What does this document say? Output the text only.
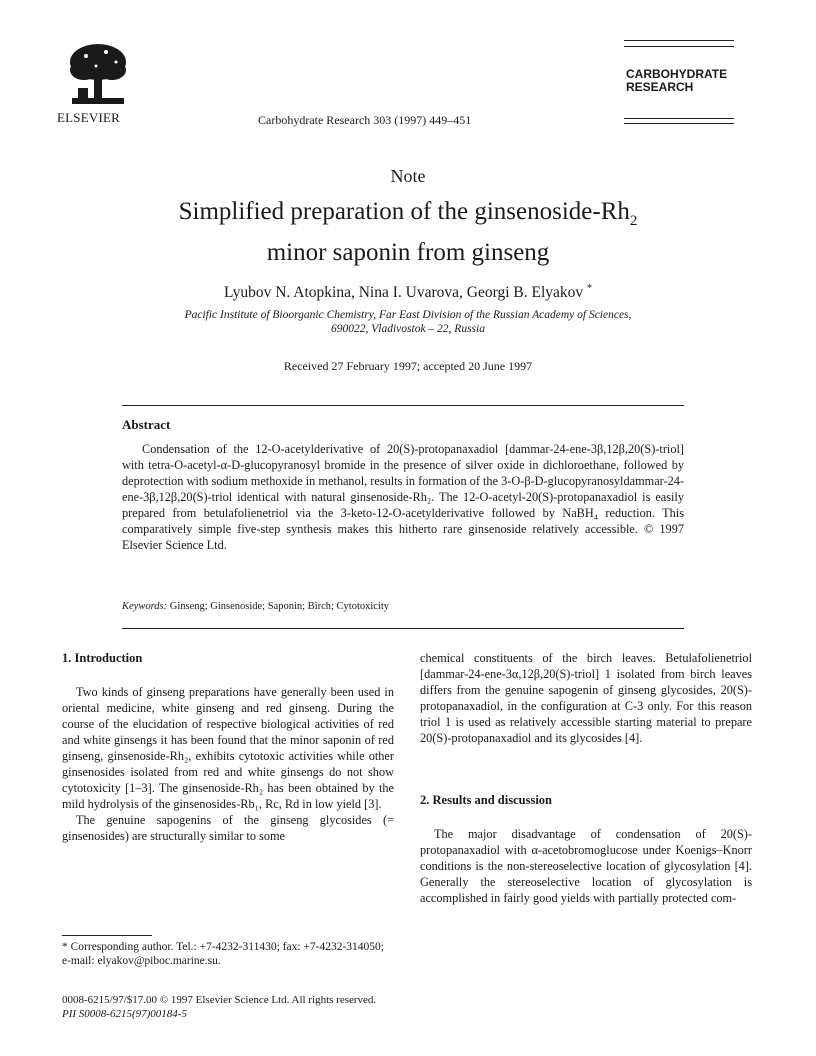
ELSEVIER	Carbohydrate Research 303 (1997) 449–451
CARBOHYDRATE
RESEARCH
Note
Simplified preparation of the ginsenoside-$Rh_2$
minor saponin from ginseng
Lyubov N. Atopkina, Nina I. Uvarova, Georgi B. Elyakov *
Pacific Institute of Bioorganic Chemistry, Far East Division of the Russian Academy of Sciences,
690022, Vladivostok – 22, Russia
Received 27 February 1997; accepted 20 June 1997
Abstract

Condensation of the 12-O-acetylderivative of 20(S)-protopanaxadiol [dammar-24-ene-3β,12β,20(S)-triol] with tetra-O-acetyl-α-D-glucopyranosyl bromide in the presence of silver oxide in dichloroethane, followed by deprotection with sodium methoxide in methanol, results in formation of the 3-O-β-D-glucopyranosyldammar-24-ene-3β,12β,20(S)-triol identical with natural ginsenoside-Rh₂. The 12-O-acetyl-20(S)-protopanaxadiol is easily prepared from betulafolienetriol via the 3-keto-12-O-acetylderivative followed by NaBH₄ reduction. This comparatively simple five-step synthesis makes this hitherto rare ginsenoside relatively accessible. © 1997 Elsevier Science Ltd.

Keywords: Ginseng; Ginsenoside; Saponin; Birch; Cytotoxicity
1. Introduction

Two kinds of ginseng preparations have generally been used in oriental medicine, white ginseng and red ginseng. During the course of the elucidation of respective biological activities of red and white ginsengs it has been found that the minor saponin of red ginseng, ginsenoside-Rh₂, exhibits cytotoxic activities while other ginsenosides isolated from red and white ginsengs do not show cytotoxicity [1–3]. The ginsenoside-Rh₂ has been obtained by the mild hydrolysis of the ginsenosides-Rb₁, Rc, Rd in low yield [3].

The genuine sapogenins of the ginseng glycosides (= ginsenosides) are structurally similar to some

chemical constituents of the birch leaves. Betulafolienetriol [dammar-24-ene-3α,12β,20(S)-triol] 1 isolated from birch leaves differs from the genuine sapogenin of ginseng glycosides, 20(S)-protopanaxadiol, in the configuration at C-3 only. For this reason triol 1 is used as relatively accessible starting material to prepare 20(S)-protopanaxadiol and its glycosides [4].

2. Results and discussion

The major disadvantage of condensation of 20(S)-protopanaxadiol with α-acetobromoglucose under Koenigs–Knorr conditions is the non-stereoselective location of glycosylation [4]. Generally the stereoselective location of glycosylation is accomplished in fairly good yields with partially protected com-

* Corresponding author. Tel.: +7-4232-311430; fax: +7-4232-314050; e-mail: elyakov@piboc.marine.su.

0008-6215/97/$17.00 © 1997 Elsevier Science Ltd. All rights reserved.
PII S0008-6215(97)00184-5
